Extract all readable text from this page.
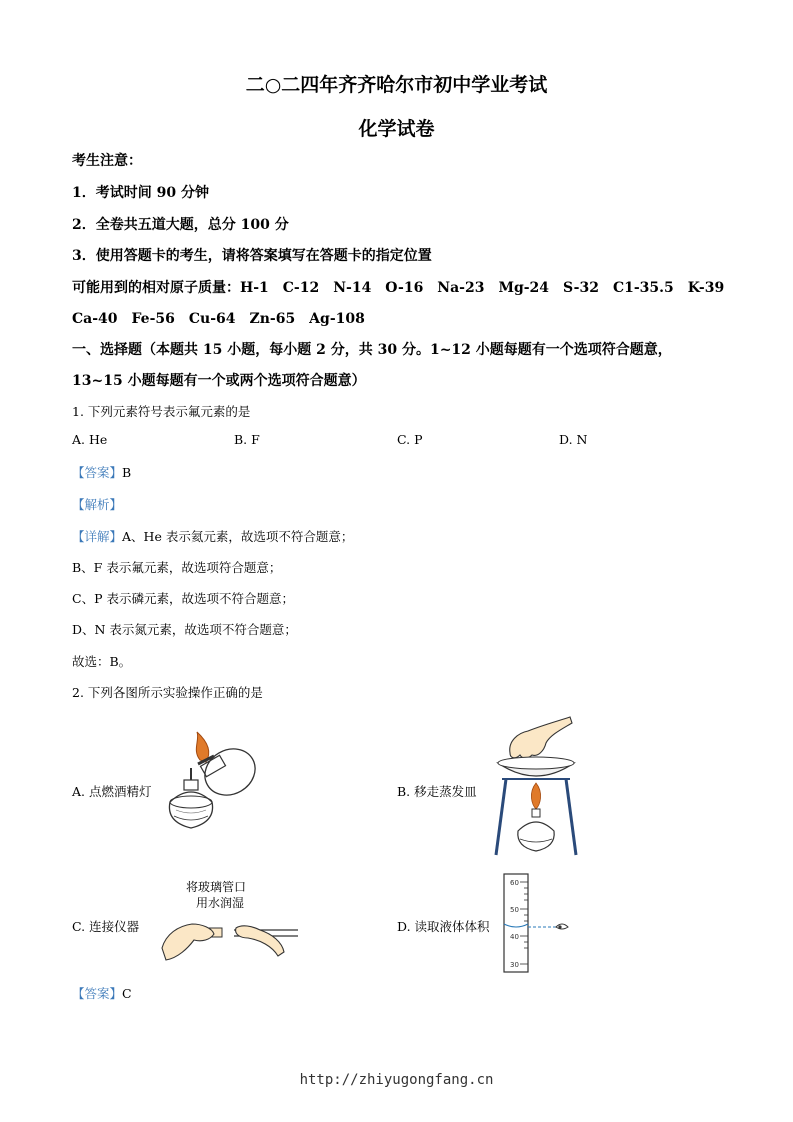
二○二四年齐齐哈尔市初中学业考试
化学试卷
考生注意：
1．考试时间 90 分钟
2．全卷共五道大题，总分 100 分
3．使用答题卡的考生，请将答案填写在答题卡的指定位置
可能用到的相对原子质量：H-1　C-12　N-14　O-16　Na-23　Mg-24　S-32　C1-35.5　K-39
Ca-40　Fe-56　Cu-64　Zn-65　Ag-108
一、选择题（本题共 15 小题，每小题 2 分，共 30 分。1~12 小题每题有一个选项符合题意，
13~15 小题每题有一个或两个选项符合题意）
1. 下列元素符号表示氟元素的是
A. He	B. F	C. P	D. N
【答案】B
【解析】
【详解】A、He 表示氦元素，故选项不符合题意；
B、F 表示氟元素，故选项符合题意；
C、P 表示磷元素，故选项不符合题意；
D、N 表示氮元素，故选项不符合题意；
故选：B。
2. 下列各图所示实验操作正确的是
A. 点燃酒精灯	B. 移走蒸发皿
C. 连接仪器	D. 读取液体体积
将玻璃管口
用水润湿
60
50
40
30
【答案】C
http://zhiyugongfang.cn
